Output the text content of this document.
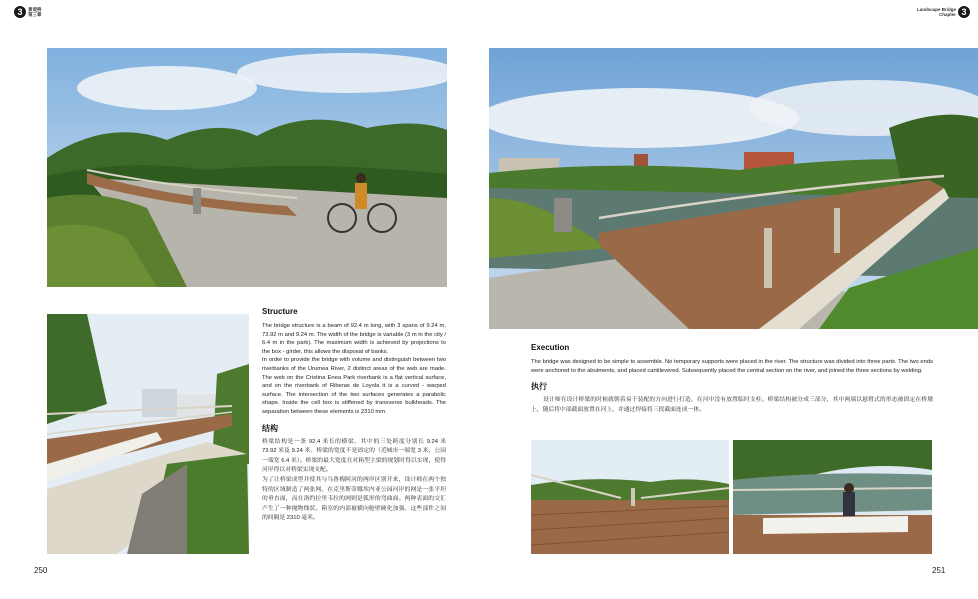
3	景观桥
第三章
Landscape Bridge
Chapter 3
Structure

The bridge structure is a beam of 92.4 m long, with 3 spans of 9.24 m, 73.92 m and 9.24 m. The width of the bridge is variable (3 m in the city / 6.4 m in the park). The maximum width is achieved by projections to the box - girder, this allows the disposal of banks.

In order to provide the bridge with volume and distinguish between two riverbanks of the Urumea River, 2 distinct areas of the web are made. The web on the Cristina Enea Park riverbank is a flat vertical surface, and on the riverbank of Riberas de Loyola it is a curved - warped surface. The intersection of the two surfaces generates a parabolic shape. Inside the cell box is stiffened by transverse bulkheads. The separation between these elements is 2310 mm.

结构

桥梁结构是一条 92.4 米长的横梁，其中的三处跨度分别长 9.24 米 73.92 米及 9.24 米。桥梁的宽度不是固定的（近城市一端宽 3 米，公园一端宽 6.4 米）。桥梁的最大宽度在对箱型主梁的规划时得以实现，使得河岸得以对桥梁实现支配。

为了让桥梁成型并使其与乌鲁梅阿河的两岸区别开来，设计师在两个独特的区域制造了两张网。在克里斯蒂娜埃内亚公园河岸的网是一张平坦的垂直面，而在洛约拉里韦拉的网则是弧形的弯曲面。两种表面的交汇产生了一种抛物线状。箱室的内部被横向舱壁硬化加强。这些部件之间的间隔是 2310 毫米。

Execution

The bridge was designed to be simple to assemble. No temporary supports were placed in the river. The structure was divided into three parts. The two ends were anchored to the abutments, and placed cantilevered. Subsequently placed the central section on the river, and joined the three sections by welding.

执行

设计师在设计桥梁的时候就朝着易于装配的方向进行打造。在河中没有放置临时支柱。桥梁结构被分成三部分，其中两端以悬臂式的形态被固定在桥墩上，随后将中部截面放置在河上，并通过焊接将三段截面连成一体。

250	251
